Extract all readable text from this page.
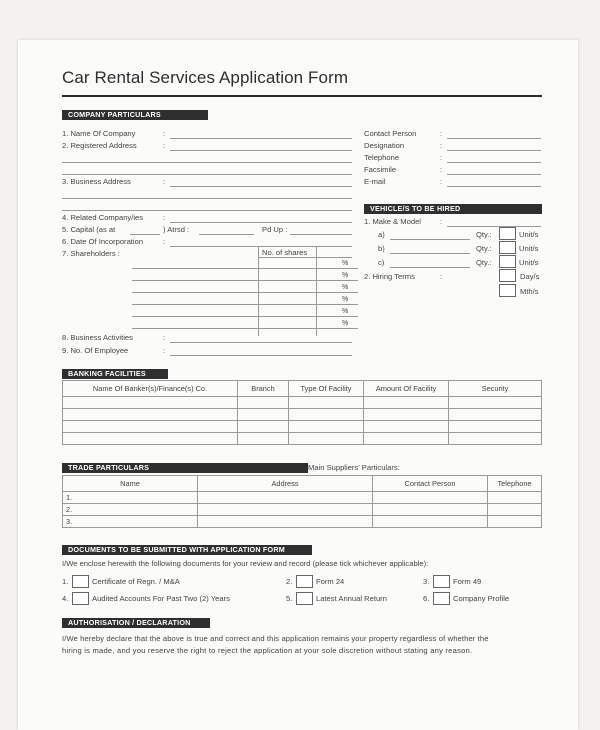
Car Rental Services Application Form
COMPANY PARTICULARS
1. Name Of Company	:
2. Registered Address	:
3. Business Address	:
Contact Person	:
Designation	:
Telephone	:
Facsimile	:
E-mail	:
4. Related Company/ies	:
5. Capital (as at	) Atrsd :	Pd Up :
6. Date Of Incorporation	:
7. Shareholders :	No. of shares
%
%
%
%
%
%
8. Business Activities	:
9. No. Of Employee	:
VEHICLE/S TO BE HIRED
1. Make & Model	:
a)	Qty.:	Unit/s
b)	Qty.:	Unit/s
c)	Qty.:	Unit/s
2. Hiring Terms	:	Day/s
Mth/s
BANKING FACILITIES
Name Of Banker(s)/Finance(s) Co.	Branch	Type Of Facility	Amount Of Facility	Security

TRADE PARTICULARS	Main Suppliers' Particulars:
Name	Address	Contact Person	Telephone
1.			
2.			
3.			
DOCUMENTS TO BE SUBMITTED WITH APPLICATION FORM
I/We enclose herewith the following documents for your review and record (please tick whichever applicable):
1.	Certificate of Regn. / M&A	2.	Form 24	3.	Form 49
4.	Audited Accounts For Past Two (2) Years	5.	Latest Annual Return	6.	Company Profile
AUTHORISATION / DECLARATION
I/We hereby declare that the above is true and correct and this application remains your property regardless of whether the
hiring is made, and you reserve the right to reject the application at your sole discretion without stating any reason.
